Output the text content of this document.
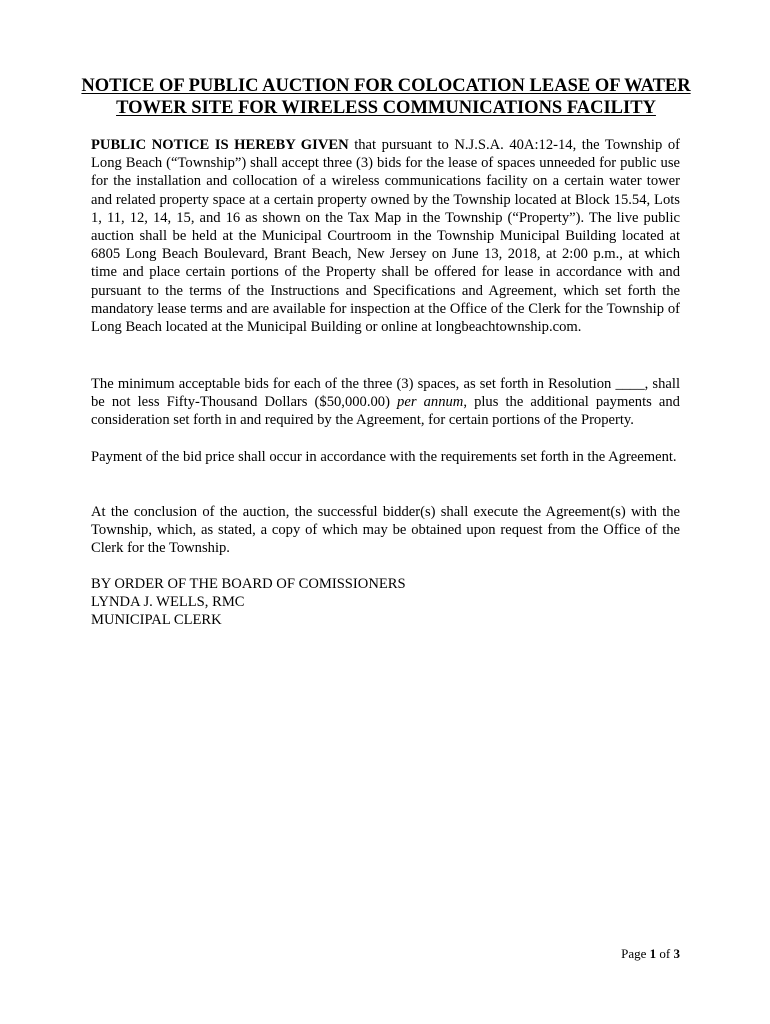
NOTICE OF PUBLIC AUCTION FOR COLOCATION LEASE OF WATER
TOWER SITE FOR WIRELESS COMMUNICATIONS FACILITY
PUBLIC NOTICE IS HEREBY GIVEN that pursuant to N.J.S.A. 40A:12-14, the Township of Long Beach (“Township”) shall accept three (3) bids for the lease of spaces unneeded for public use for the installation and collocation of a wireless communications facility on a certain water tower and related property space at a certain property owned by the Township located at Block 15.54, Lots 1, 11, 12, 14, 15, and 16 as shown on the Tax Map in the Township (“Property”). The live public auction shall be held at the Municipal Courtroom in the Township Municipal Building located at 6805 Long Beach Boulevard, Brant Beach, New Jersey on June 13, 2018, at 2:00 p.m., at which time and place certain portions of the Property shall be offered for lease in accordance with and pursuant to the terms of the Instructions and Specifications and Agreement, which set forth the mandatory lease terms and are available for inspection at the Office of the Clerk for the Township of Long Beach located at the Municipal Building or online at longbeachtownship.com.
The minimum acceptable bids for each of the three (3) spaces, as set forth in Resolution ____, shall be not less Fifty-Thousand Dollars ($50,000.00) per annum, plus the additional payments and consideration set forth in and required by the Agreement, for certain portions of the Property.
Payment of the bid price shall occur in accordance with the requirements set forth in the Agreement.
At the conclusion of the auction, the successful bidder(s) shall execute the Agreement(s) with the Township, which, as stated, a copy of which may be obtained upon request from the Office of the Clerk for the Township.
BY ORDER OF THE BOARD OF COMISSIONERS
LYNDA J. WELLS, RMC
MUNICIPAL CLERK
Page 1 of 3
